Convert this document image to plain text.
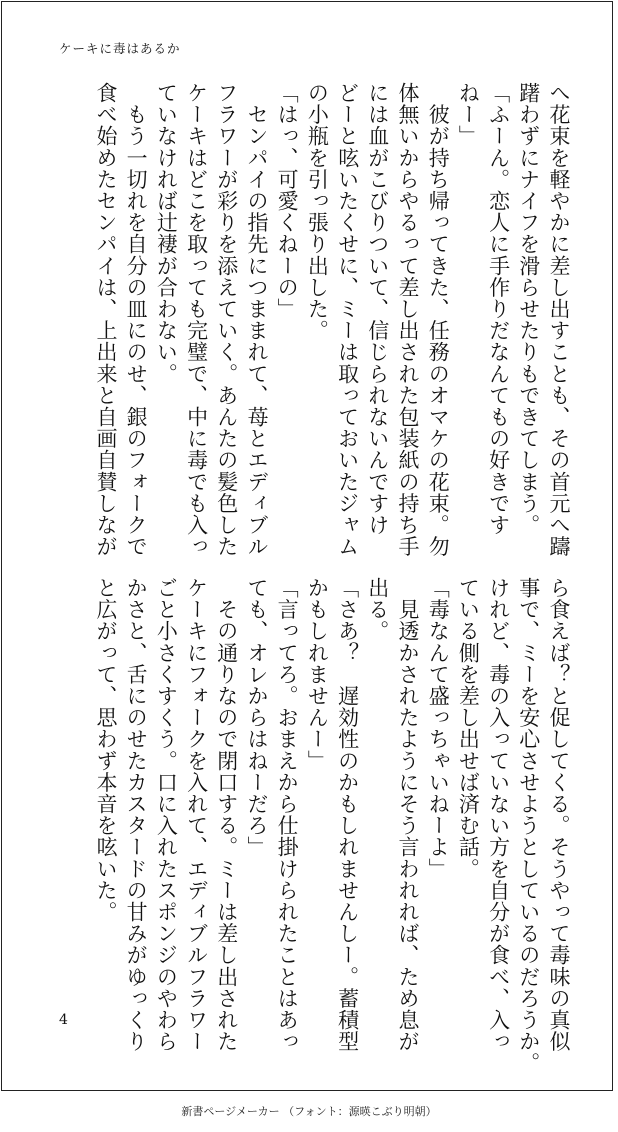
ケーキに毒はあるか
へ花束を軽やかに差し出すことも、その首元へ躊
躇わずにナイフを滑らせたりもできてしまう。
「ふーん。恋人に手作りだなんてもの好きです
ねー」
　彼が持ち帰ってきた、任務のオマケの花束。勿
体無いからやるって差し出された包装紙の持ち手
には血がこびりついて、信じられないんですけ
どーと呟いたくせに、ミーは取っておいたジャム
の小瓶を引っ張り出した。
「はっ、可愛くねーの」
　センパイの指先につままれて、苺とエディブル
フラワーが彩りを添えていく。あんたの髪色した
ケーキはどこを取っても完璧で、中に毒でも入っ
ていなければ辻褄が合わない。
　もう一切れを自分の皿にのせ、銀のフォークで
食べ始めたセンパイは、上出来と自画自賛しなが
ら食えば？と促してくる。そうやって毒味の真似
事で、ミーを安心させようとしているのだろうか。
けれど、毒の入っていない方を自分が食べ、入っ
ている側を差し出せば済む話。
「毒なんて盛っちゃいねーよ」
　見透かされたようにそう言われれば、ため息が
出る。
「さあ？　遅効性のかもしれませんしー。蓄積型
かもしれませんー」
「言ってろ。おまえから仕掛けられたことはあっ
ても、オレからはねーだろ」
　その通りなので閉口する。ミーは差し出された
ケーキにフォークを入れて、エディブルフラワー
ごと小さくすくう。口に入れたスポンジのやわら
かさと、舌にのせたカスタードの甘みがゆっくり
と広がって、思わず本音を呟いた。
4
新書ページメーカー （フォント：源暎こぶり明朝）
